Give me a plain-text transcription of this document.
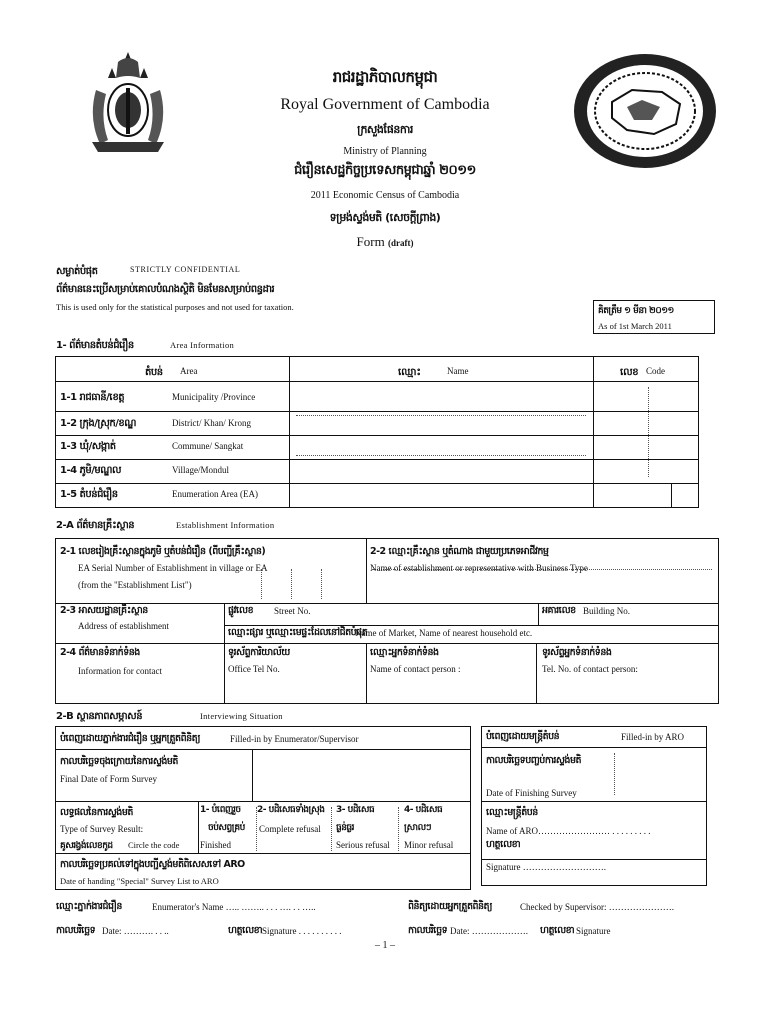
រាជរដ្ឋាភិបាលកម្ពុជា
Royal Government of Cambodia
ក្រសួងផែនការ
Ministry of Planning
ជំរឿនសេដ្ឋកិច្ចប្រទេសកម្ពុជាឆ្នាំ ២០១១
2011 Economic Census of Cambodia
ទម្រង់ស្ទង់មតិ (សេចក្តីព្រាង)
Form (draft)
សម្ងាត់បំផុត	STRICTLY CONFIDENTIAL
ព័ត៌មាននេះប្រើសម្រាប់គោលបំណងស្ថិតិ មិនមែនសម្រាប់ពន្ធដារ
This is used only for the statistical purposes and not used for taxation.	គិតត្រឹម ១ មីនា ២០១១
As of 1st March 2011
1- ព័ត៌មានតំបន់ជំរឿន	Area Information
តំបន់ Area	ឈ្មោះ	Name	លេខ Code
1-1 រាជធានី/ខេត្ត	Municipality /Province
1-2 ក្រុង/ស្រុក/ខណ្ឌ	District/ Khan/ Krong
1-3 ឃុំ/សង្កាត់	Commune/ Sangkat
1-4 ភូមិ/មណ្ឌល	Village/Mondul
1-5 តំបន់ជំរឿន	Enumeration Area (EA)
2-A ព័ត៌មានគ្រឹះស្ថាន	Establishment Information
2-1 លេខរៀងគ្រឹះស្ថានក្នុងភូមិ ឬតំបន់ជំរឿន (ពីបញ្ជីគ្រឹះស្ថាន)
EA Serial Number of Establishment in village or EA
(from the "Establishment List")
2-2 ឈ្មោះគ្រឹះស្ថាន ឬតំណាង ជាមួយប្រភេទអាជីវកម្ម
Name of establishment or representative with Business Type
2-3 អាសយដ្ឋានគ្រឹះស្ថាន
Address of establishment
ផ្លូវលេខ Street No.	អគារលេខ Building No.
ឈ្មោះផ្សារ ឬឈ្មោះមេផ្ទះដែលនៅជិតបំផុត
Name of Market, Name of nearest household etc.
2-4 ព័ត៌មានទំនាក់ទំនង
Information for contact
ទូរស័ព្ទការិយាល័យ
Office Tel No.
ឈ្មោះអ្នកទំនាក់ទំនង
Name of contact person :
ទូរស័ព្ទអ្នកទំនាក់ទំនង
Tel. No. of contact person:
2-B ស្ថានភាពសម្ភាសន៍	Interviewing Situation
បំពេញដោយភ្នាក់ងារជំរឿន ឬអ្នកត្រួតពិនិត្យ	Filled-in by Enumerator/Supervisor
កាលបរិច្ឆេទចុងក្រោយនៃការស្ទង់មតិ
Final Date of Form Survey
លទ្ធផលនៃការស្ទង់មតិ
Type of Survey Result:
គូសរង្វង់លេខកូដ Circle the code
1- បំពេញរួច
ចប់សព្វគ្រប់
Finished
2- បដិសេធទាំងស្រុង
Complete refusal
3- បដិសេធ
ធ្ងន់ធ្ងរ
Serious refusal
4- បដិសេធ
ស្រាលៗ
Minor refusal
កាលបរិច្ឆេទប្រគល់ទៅក្នុងបញ្ជីស្ទង់មតិពិសេសទៅ ARO
Date of handing "Special" Survey List to ARO
បំពេញដោយមន្ត្រីតំបន់	Filled-in by ARO
កាលបរិច្ឆេទបញ្ចប់ការស្ទង់មតិ
Date of Finishing Survey
ឈ្មោះមន្ត្រីតំបន់
Name of ARO…………………… . . . . . . . . .
ហត្ថលេខា
Signature ……………………….
ឈ្មោះភ្នាក់ងារជំរឿន	Enumerator's Name ….. …….. . . . …. . . …..	ពិនិត្យដោយអ្នកត្រួតពិនិត្យ	Checked by Supervisor: ………………….
កាលបរិច្ឆេទ Date: ………. . . ..	ហត្ថលេខា Signature . . . . . . . . . .	កាលបរិច្ឆេទ Date: ………………. ហត្ថលេខា Signature
– 1 –
